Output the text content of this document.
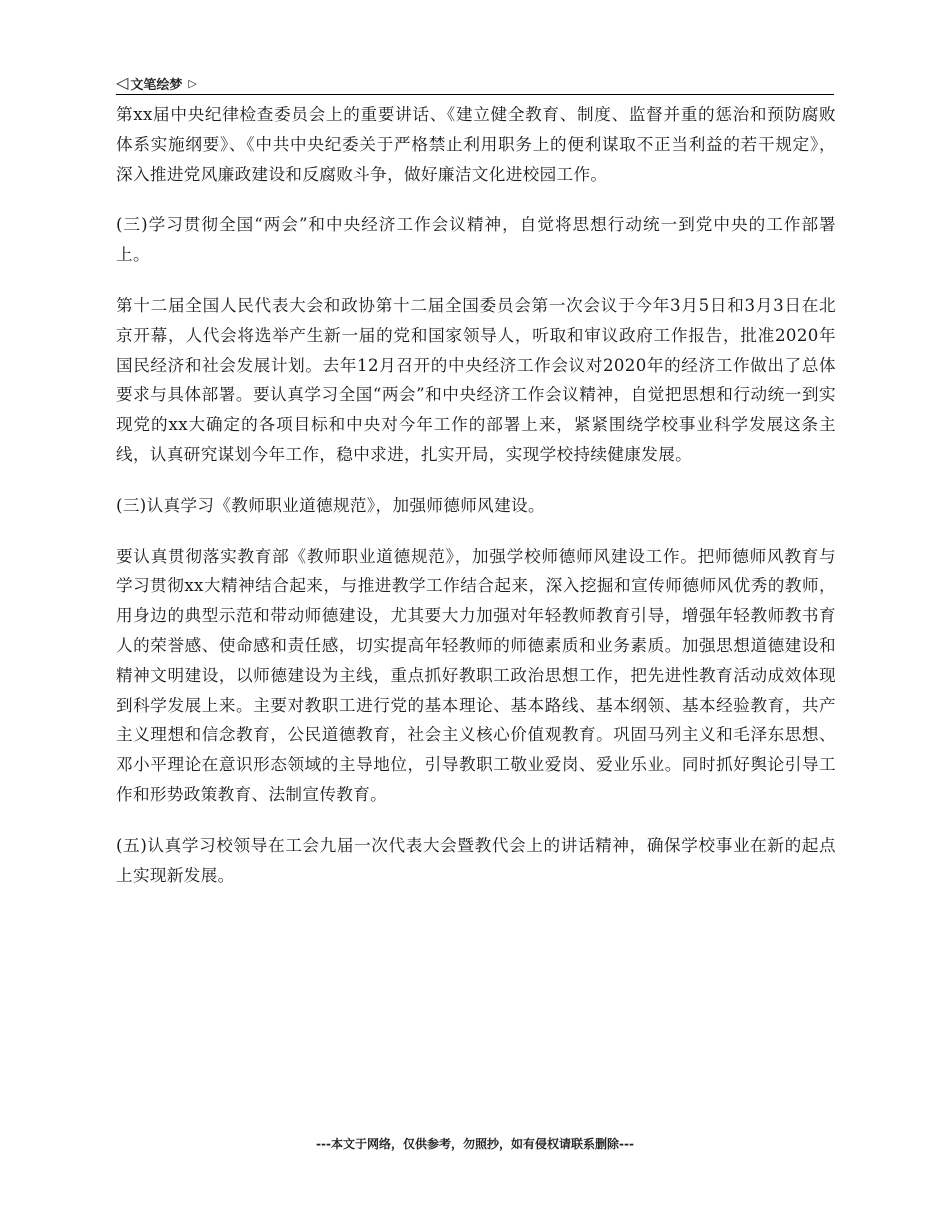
◁ 文笔绘梦 ▷

第xx届中央纪律检查委员会上的重要讲话、《建立健全教育、制度、监督并重的惩治和预防腐败体系实施纲要》、《中共中央纪委关于严格禁止利用职务上的便利谋取不正当利益的若干规定》，深入推进党风廉政建设和反腐败斗争，做好廉洁文化进校园工作。

(三)学习贯彻全国“两会”和中央经济工作会议精神，自觉将思想行动统一到党中央的工作部署上。

第十二届全国人民代表大会和政协第十二届全国委员会第一次会议于今年3月5日和3月3日在北京开幕，人代会将选举产生新一届的党和国家领导人，听取和审议政府工作报告，批准2020年国民经济和社会发展计划。去年12月召开的中央经济工作会议对2020年的经济工作做出了总体要求与具体部署。要认真学习全国“两会”和中央经济工作会议精神，自觉把思想和行动统一到实现党的xx大确定的各项目标和中央对今年工作的部署上来，紧紧围绕学校事业科学发展这条主线，认真研究谋划今年工作，稳中求进，扎实开局，实现学校持续健康发展。

(三)认真学习《教师职业道德规范》，加强师德师风建设。

要认真贯彻落实教育部《教师职业道德规范》，加强学校师德师风建设工作。把师德师风教育与学习贯彻xx大精神结合起来，与推进教学工作结合起来，深入挖掘和宣传师德师风优秀的教师，用身边的典型示范和带动师德建设，尤其要大力加强对年轻教师教育引导，增强年轻教师教书育人的荣誉感、使命感和责任感，切实提高年轻教师的师德素质和业务素质。加强思想道德建设和精神文明建设，以师德建设为主线，重点抓好教职工政治思想工作，把先进性教育活动成效体现到科学发展上来。主要对教职工进行党的基本理论、基本路线、基本纲领、基本经验教育，共产主义理想和信念教育，公民道德教育，社会主义核心价值观教育。巩固马列主义和毛泽东思想、邓小平理论在意识形态领域的主导地位，引导教职工敬业爱岗、爱业乐业。同时抓好舆论引导工作和形势政策教育、法制宣传教育。

(五)认真学习校领导在工会九届一次代表大会暨教代会上的讲话精神，确保学校事业在新的起点上实现新发展。

---本文于网络，仅供参考，勿照抄，如有侵权请联系删除---
